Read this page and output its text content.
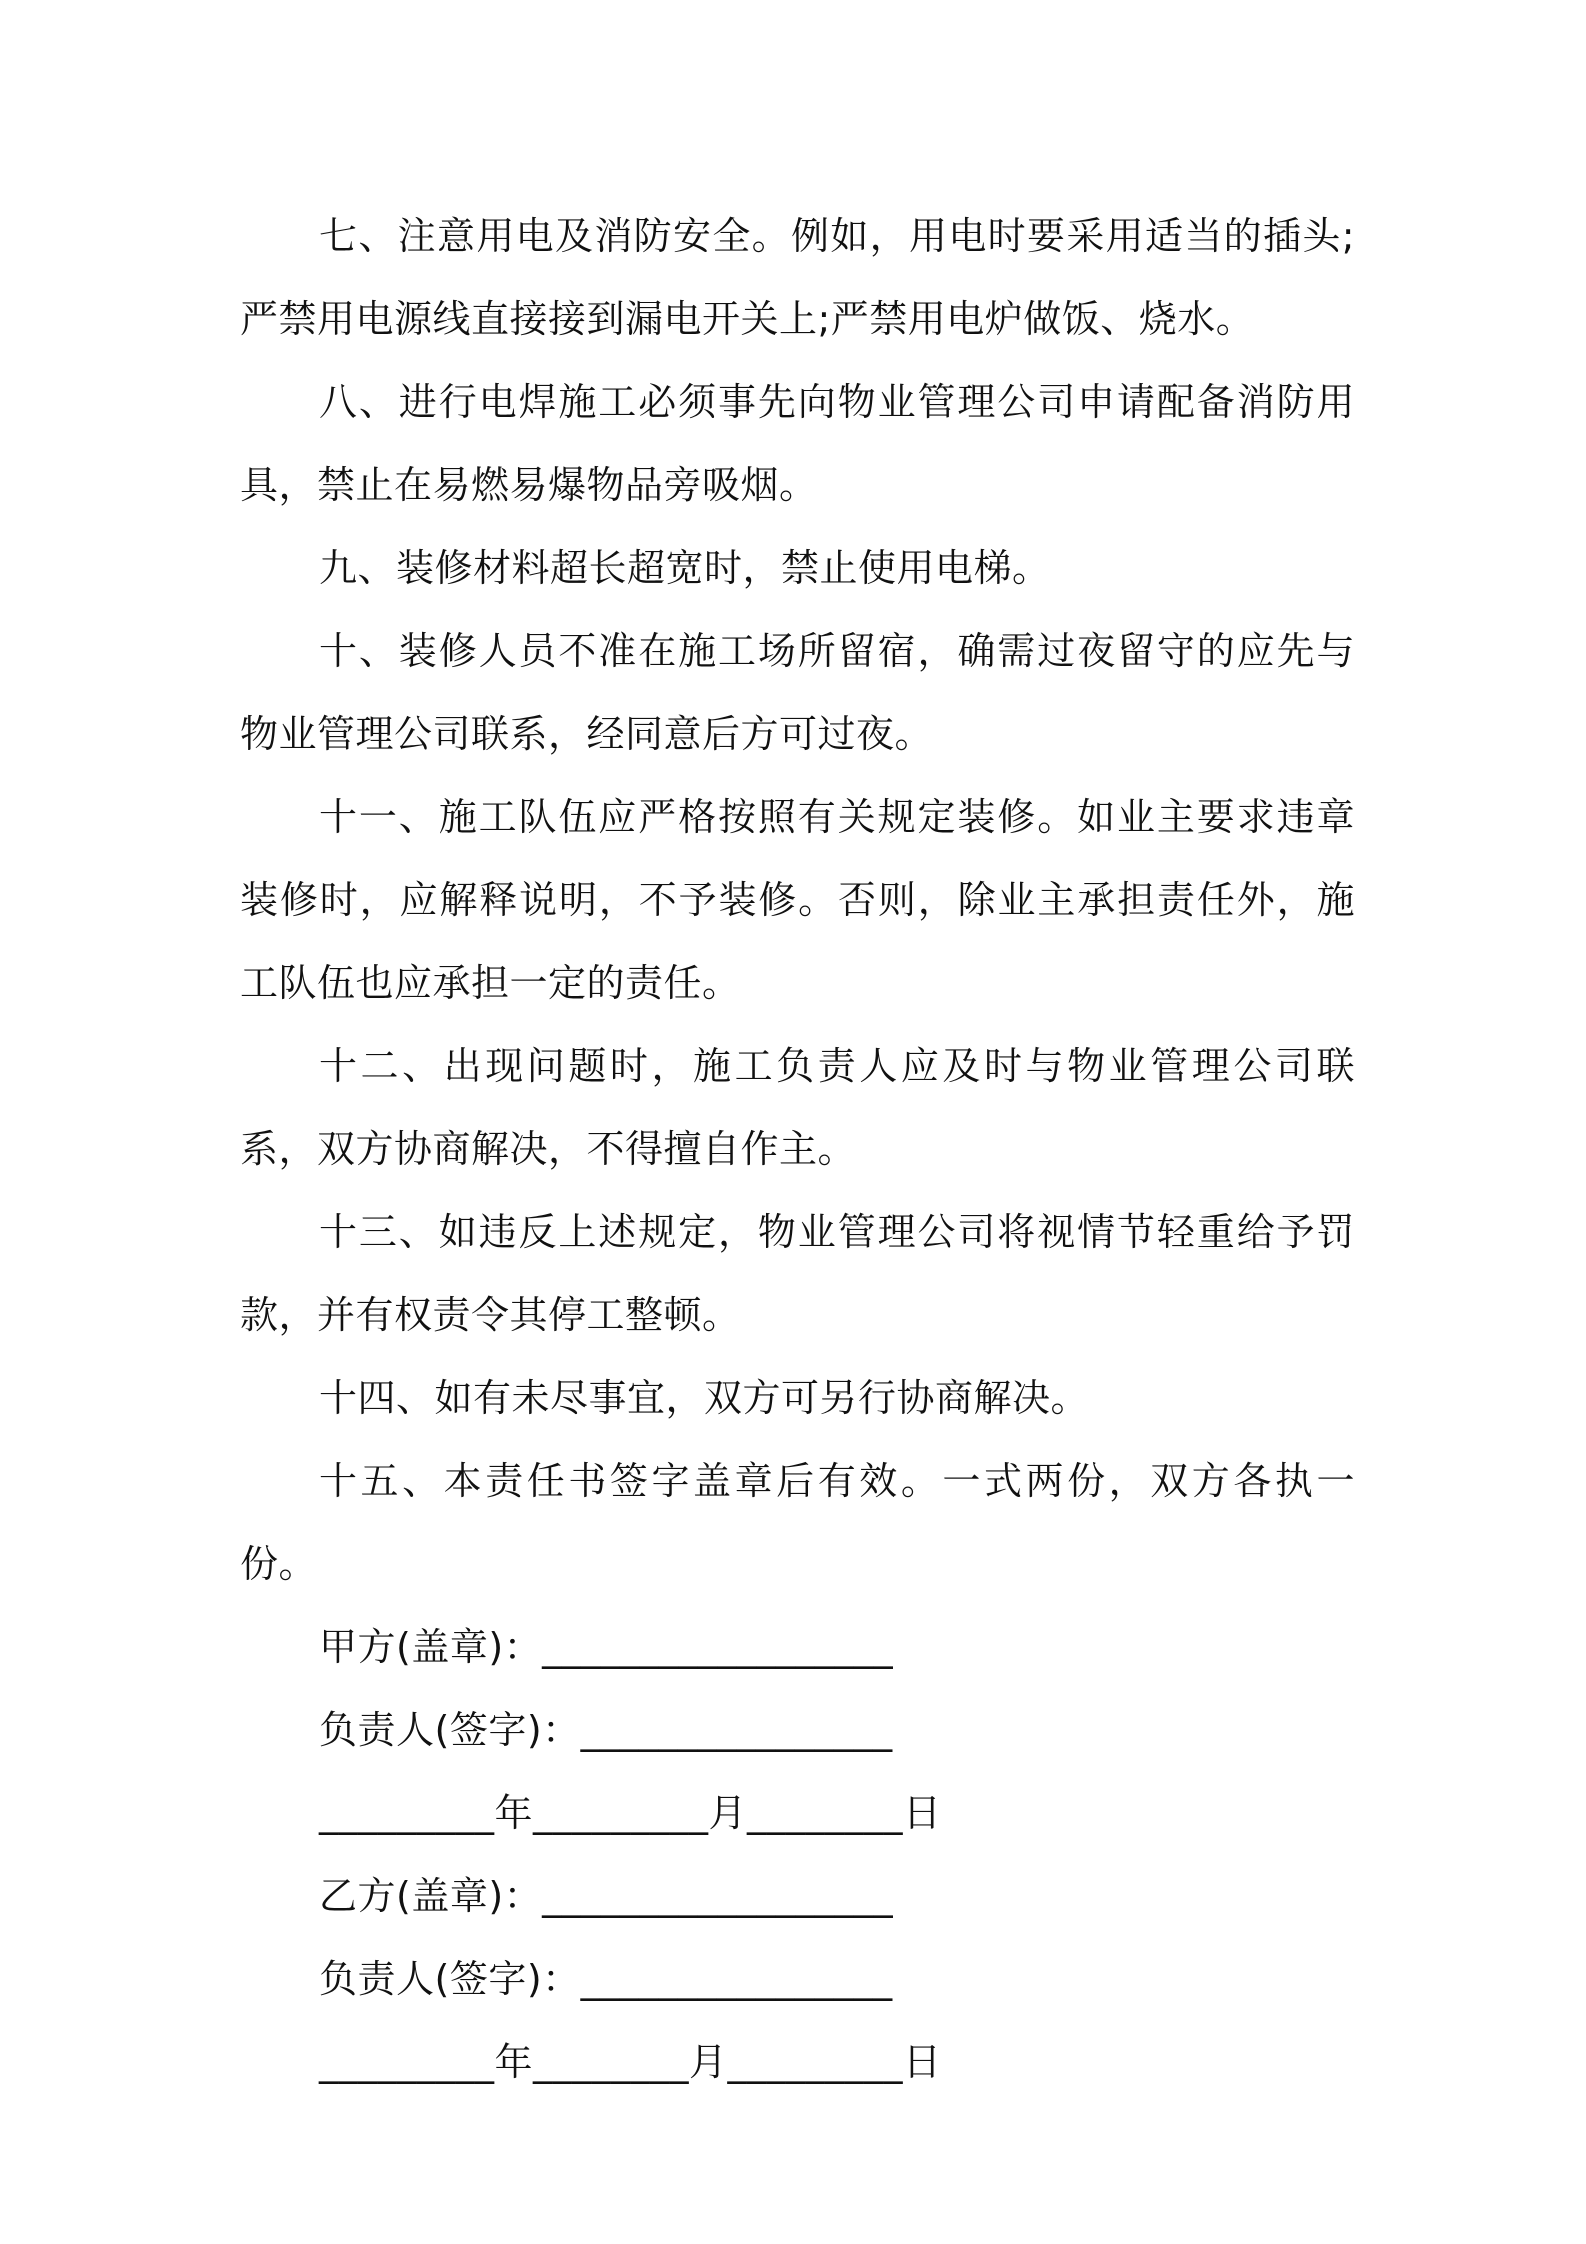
七、注意用电及消防安全。例如，用电时要采用适当的插头;严禁用电源线直接接到漏电开关上;严禁用电炉做饭、烧水。

八、进行电焊施工必须事先向物业管理公司申请配备消防用具，禁止在易燃易爆物品旁吸烟。

九、装修材料超长超宽时，禁止使用电梯。

十、装修人员不准在施工场所留宿，确需过夜留守的应先与物业管理公司联系，经同意后方可过夜。

十一、施工队伍应严格按照有关规定装修。如业主要求违章装修时，应解释说明，不予装修。否则，除业主承担责任外，施工队伍也应承担一定的责任。

十二、出现问题时，施工负责人应及时与物业管理公司联系，双方协商解决，不得擅自作主。

十三、如违反上述规定，物业管理公司将视情节轻重给予罚款，并有权责令其停工整顿。

十四、如有未尽事宜，双方可另行协商解决。

十五、本责任书签字盖章后有效。一式两份，双方各执一份。

甲方(盖章)：__________________

负责人(签字)：________________

_________年_________月________日

乙方(盖章)：__________________

负责人(签字)：________________

_________年________月_________日
